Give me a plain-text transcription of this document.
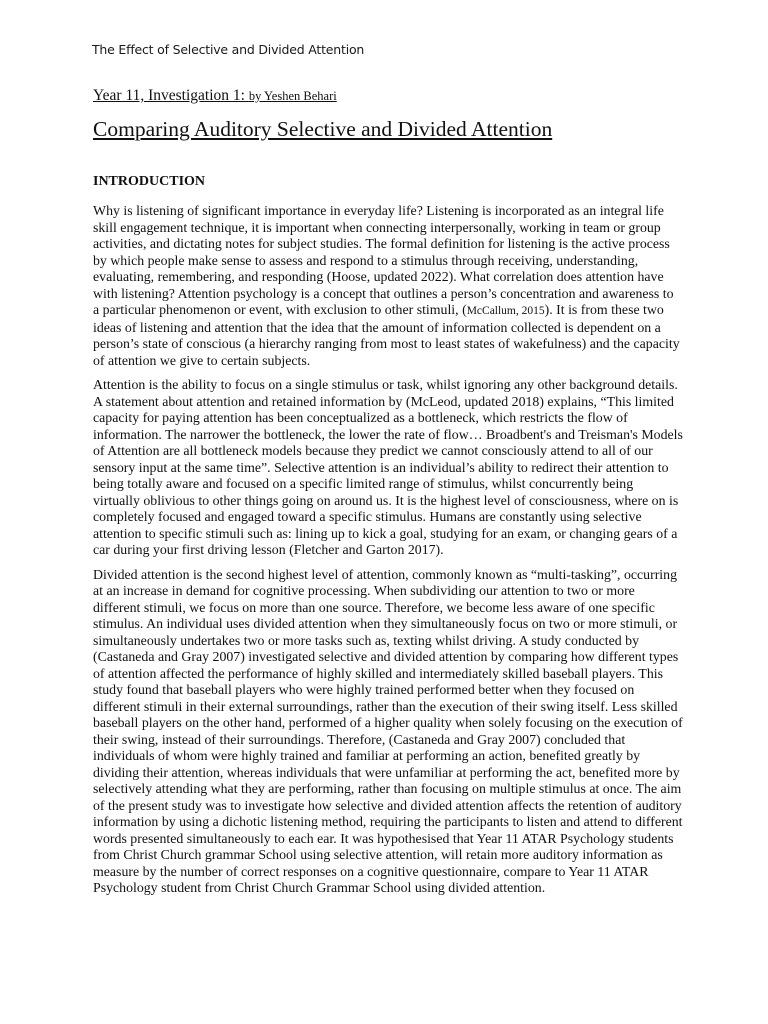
The Effect of Selective and Divided Attention

Year 11, Investigation 1: by Yeshen Behari

Comparing Auditory Selective and Divided Attention
INTRODUCTION

Why is listening of significant importance in everyday life? Listening is incorporated as an integral life skill engagement technique, it is important when connecting interpersonally, working in team or group activities, and dictating notes for subject studies. The formal definition for listening is the active process by which people make sense to assess and respond to a stimulus through receiving, understanding, evaluating, remembering, and responding (Hoose, updated 2022). What correlation does attention have with listening? Attention psychology is a concept that outlines a person’s concentration and awareness to a particular phenomenon or event, with exclusion to other stimuli, (McCallum, 2015). It is from these two ideas of listening and attention that the idea that the amount of information collected is dependent on a person’s state of conscious (a hierarchy ranging from most to least states of wakefulness) and the capacity of attention we give to certain subjects.

Attention is the ability to focus on a single stimulus or task, whilst ignoring any other background details. A statement about attention and retained information by (McLeod, updated 2018) explains, “This limited capacity for paying attention has been conceptualized as a bottleneck, which restricts the flow of information. The narrower the bottleneck, the lower the rate of flow… Broadbent's and Treisman's Models of Attention are all bottleneck models because they predict we cannot consciously attend to all of our sensory input at the same time”. Selective attention is an individual’s ability to redirect their attention to being totally aware and focused on a specific limited range of stimulus, whilst concurrently being virtually oblivious to other things going on around us. It is the highest level of consciousness, where on is completely focused and engaged toward a specific stimulus. Humans are constantly using selective attention to specific stimuli such as: lining up to kick a goal, studying for an exam, or changing gears of a car during your first driving lesson (Fletcher and Garton 2017).

Divided attention is the second highest level of attention, commonly known as “multi-tasking”, occurring at an increase in demand for cognitive processing. When subdividing our attention to two or more different stimuli, we focus on more than one source. Therefore, we become less aware of one specific stimulus. An individual uses divided attention when they simultaneously focus on two or more stimuli, or simultaneously undertakes two or more tasks such as, texting whilst driving. A study conducted by (Castaneda and Gray 2007) investigated selective and divided attention by comparing how different types of attention affected the performance of highly skilled and intermediately skilled baseball players. This study found that baseball players who were highly trained performed better when they focused on different stimuli in their external surroundings, rather than the execution of their swing itself. Less skilled baseball players on the other hand, performed of a higher quality when solely focusing on the execution of their swing, instead of their surroundings. Therefore, (Castaneda and Gray 2007) concluded that individuals of whom were highly trained and familiar at performing an action, benefited greatly by dividing their attention, whereas individuals that were unfamiliar at performing the act, benefited more by selectively attending what they are performing, rather than focusing on multiple stimulus at once. The aim of the present study was to investigate how selective and divided attention affects the retention of auditory information by using a dichotic listening method, requiring the participants to listen and attend to different words presented simultaneously to each ear. It was hypothesised that Year 11 ATAR Psychology students from Christ Church grammar School using selective attention, will retain more auditory information as measure by the number of correct responses on a cognitive questionnaire, compare to Year 11 ATAR Psychology student from Christ Church Grammar School using divided attention.
